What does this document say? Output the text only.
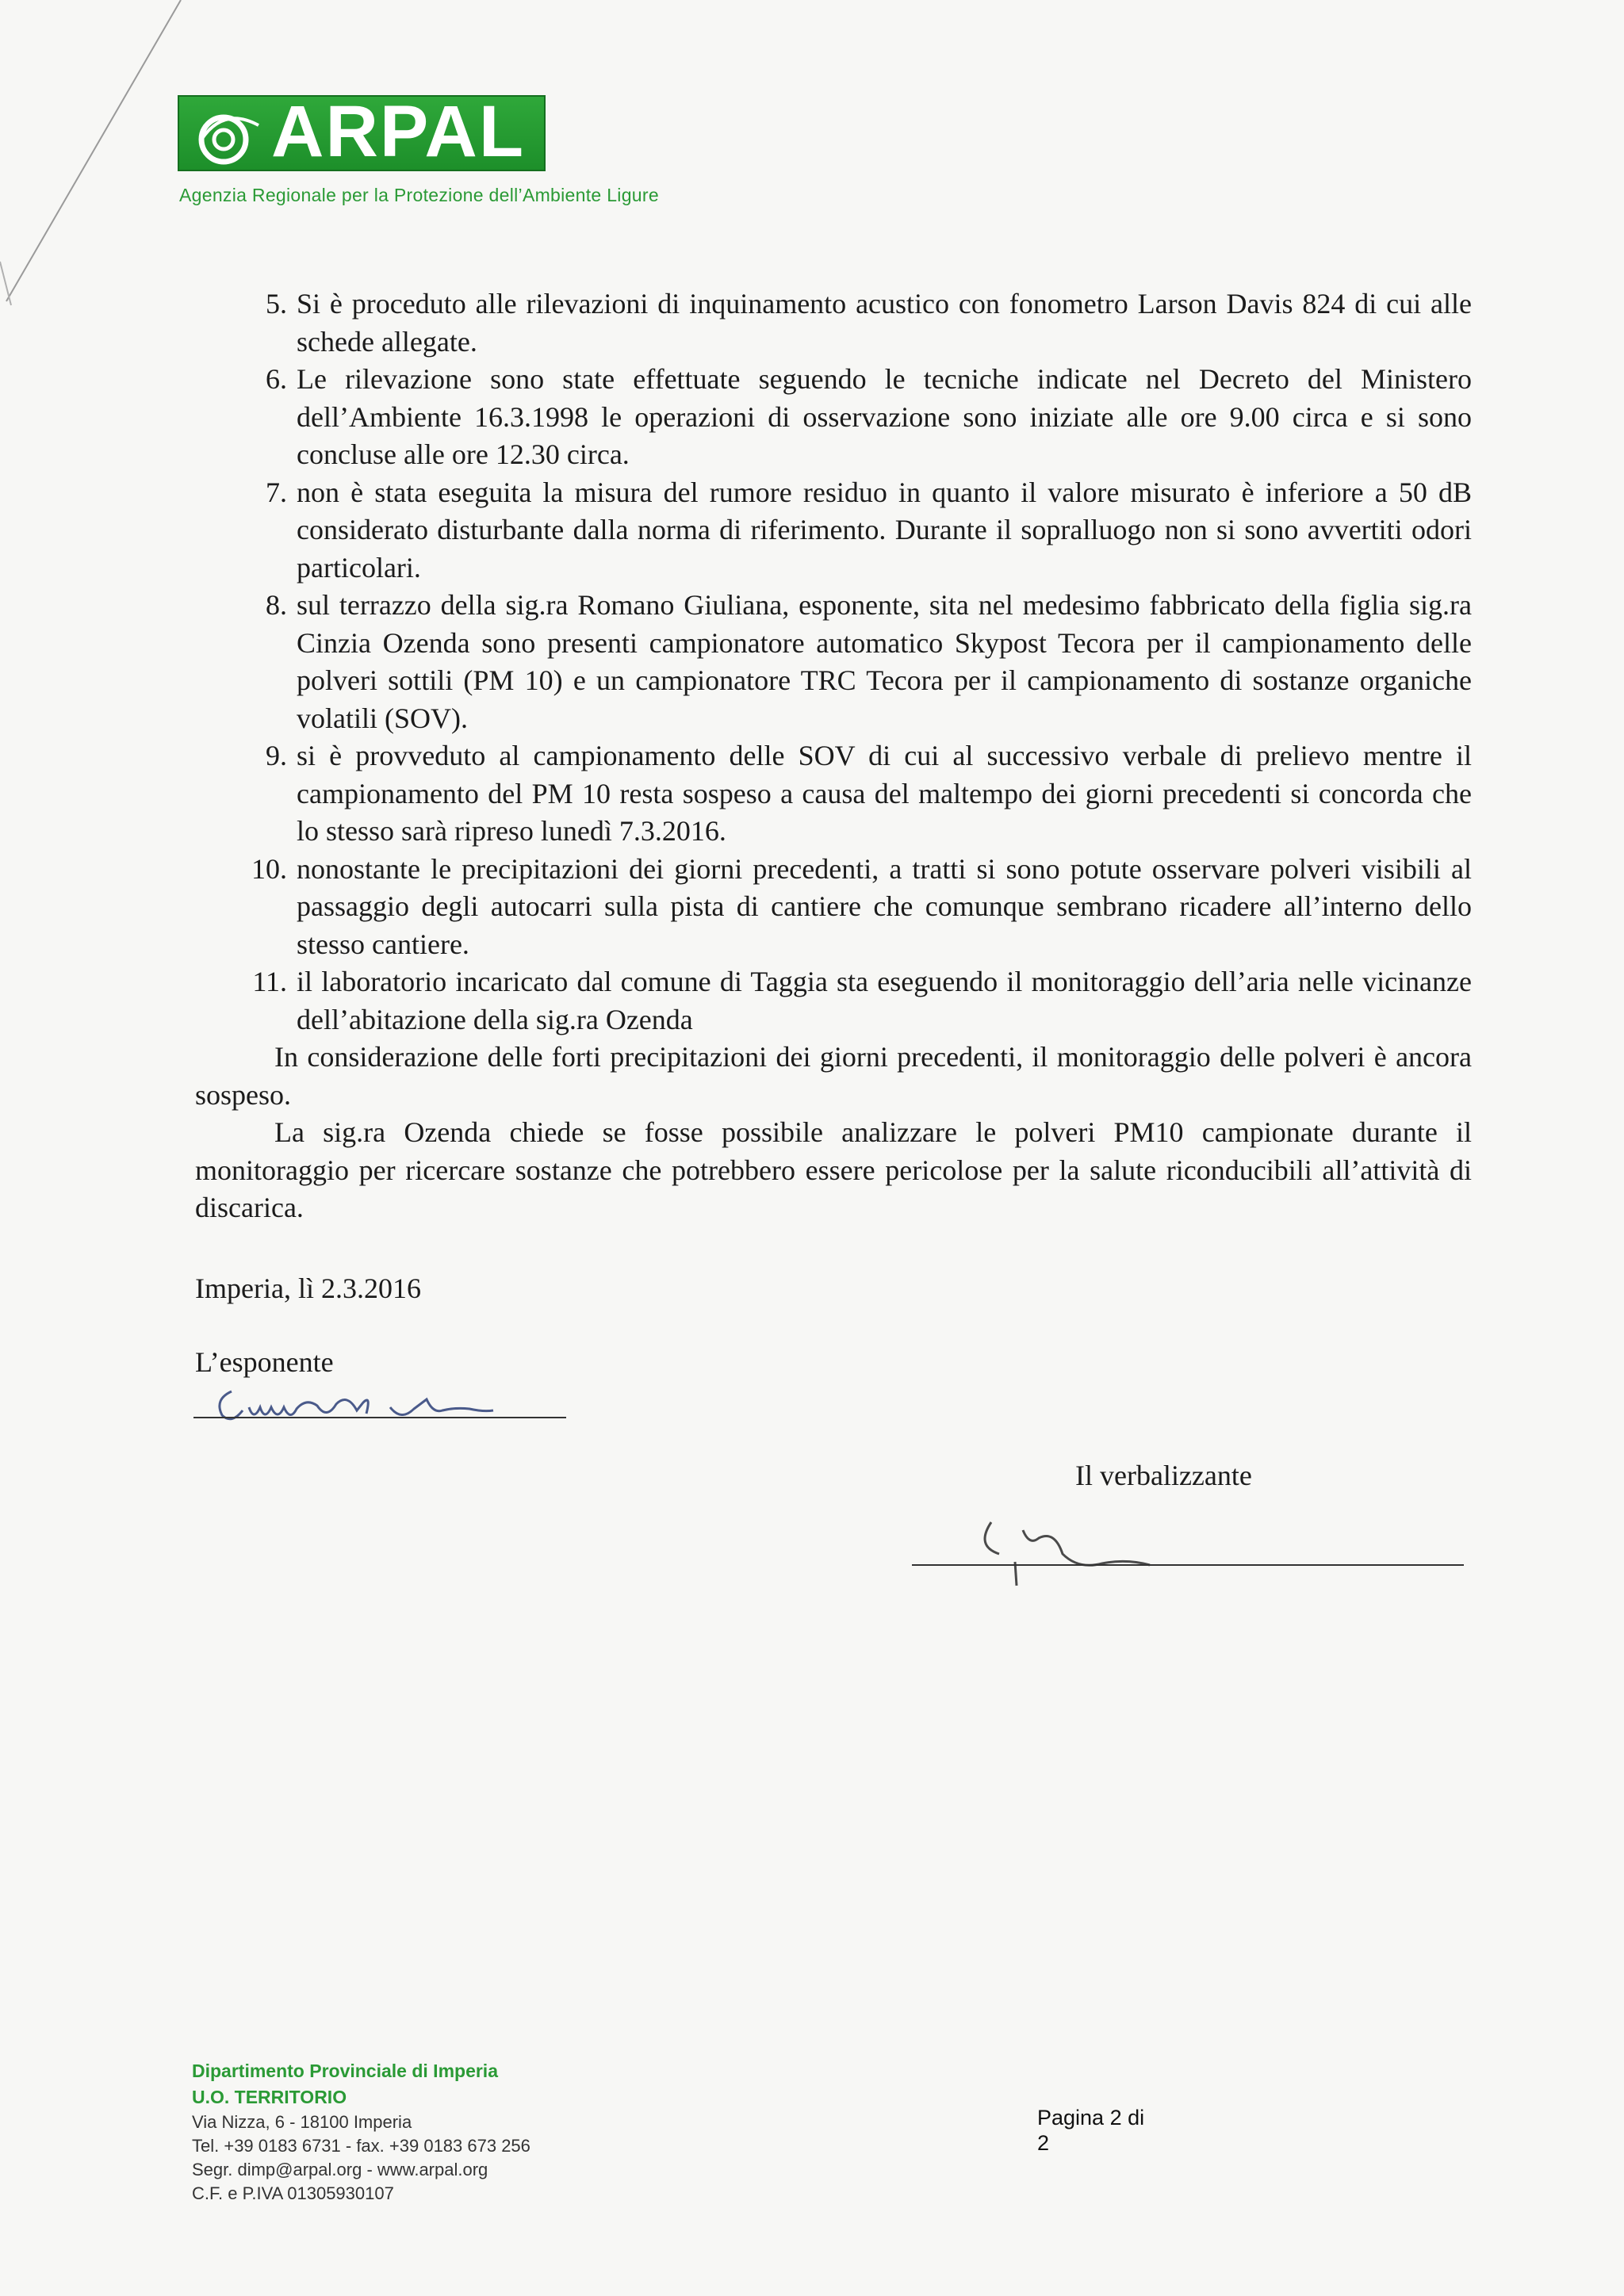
ARPAL
Agenzia Regionale per la Protezione dell’Ambiente Ligure
5. Si è proceduto alle rilevazioni di inquinamento acustico con fonometro Larson Davis 824 di cui alle schede allegate.
6. Le rilevazione sono state effettuate seguendo le tecniche indicate nel Decreto del Ministero dell’Ambiente 16.3.1998 le operazioni di osservazione sono iniziate alle ore 9.00 circa e si sono concluse alle ore 12.30 circa.
7. non è stata eseguita la misura del rumore residuo in quanto il valore misurato è inferiore a 50 dB considerato disturbante dalla norma di riferimento. Durante il sopralluogo non si sono avvertiti odori particolari.
8. sul terrazzo della sig.ra Romano Giuliana, esponente, sita nel medesimo fabbricato della figlia sig.ra Cinzia Ozenda sono presenti campionatore automatico Skypost Tecora per il campionamento delle polveri sottili (PM 10) e un campionatore TRC Tecora per il campionamento di sostanze organiche volatili (SOV).
9. si è provveduto al campionamento delle SOV di cui al successivo verbale di prelievo mentre il campionamento del PM 10 resta sospeso a causa del maltempo dei giorni precedenti si concorda che lo stesso sarà ripreso lunedì 7.3.2016.
10. nonostante le precipitazioni dei giorni precedenti, a tratti si sono potute osservare polveri visibili al passaggio degli autocarri sulla pista di cantiere che comunque sembrano ricadere all’interno dello stesso cantiere.
11. il laboratorio incaricato dal comune di Taggia sta eseguendo il monitoraggio dell’aria nelle vicinanze dell’abitazione della sig.ra Ozenda

In considerazione delle forti precipitazioni dei giorni precedenti, il monitoraggio delle polveri è ancora sospeso.

La sig.ra Ozenda chiede se fosse possibile analizzare le polveri PM10 campionate durante il monitoraggio per ricercare sostanze che potrebbero essere pericolose per la salute riconducibili all’attività di discarica.

Imperia, lì 2.3.2016
L’esponente
Il verbalizzante
Dipartimento Provinciale di Imperia
U.O. TERRITORIO
Via Nizza, 6 - 18100 Imperia
Tel. +39 0183 6731 - fax. +39 0183 673 256
Segr. dimp@arpal.org - www.arpal.org
C.F. e P.IVA 01305930107
Pagina 2 di
2
